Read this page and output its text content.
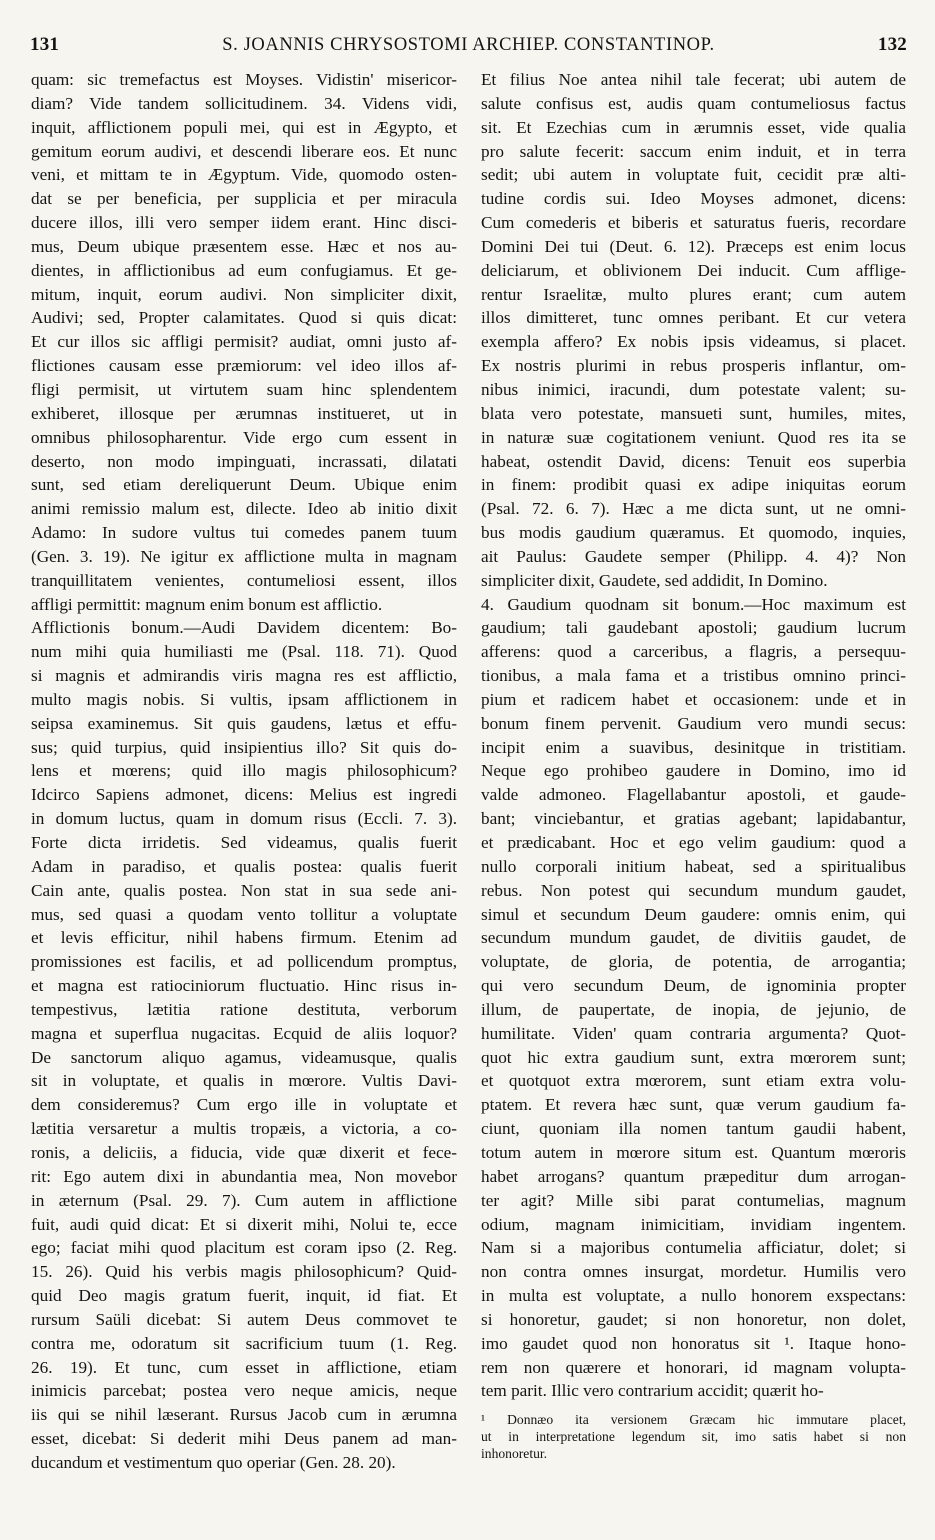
131	S. JOANNIS CHRYSOSTOMI ARCHIEP. CONSTANTINOP.	132

quam: sic tremefactus est Moyses. Vidistin' misericor-

diam? Vide tandem sollicitudinem. 34. Videns vidi,

inquit, afflictionem populi mei, qui est in Ægypto, et

gemitum eorum audivi, et descendi liberare eos. Et nunc

veni, et mittam te in Ægyptum. Vide, quomodo osten-

dat se per beneficia, per supplicia et per miracula

ducere illos, illi vero semper iidem erant. Hinc disci-

mus, Deum ubique præsentem esse. Hæc et nos au-

dientes, in afflictionibus ad eum confugiamus. Et ge-

mitum, inquit, eorum audivi. Non simpliciter dixit,

Audivi; sed, Propter calamitates. Quod si quis dicat:

Et cur illos sic affligi permisit? audiat, omni justo af-

flictiones causam esse præmiorum: vel ideo illos af-

fligi permisit, ut virtutem suam hinc splendentem

exhiberet, illosque per ærumnas institueret, ut in

omnibus philosopharentur. Vide ergo cum essent in

deserto, non modo impinguati, incrassati, dilatati

sunt, sed etiam dereliquerunt Deum. Ubique enim

animi remissio malum est, dilecte. Ideo ab initio dixit

Adamo: In sudore vultus tui comedes panem tuum

(Gen. 3. 19). Ne igitur ex afflictione multa in magnam

tranquillitatem venientes, contumeliosi essent, illos

affligi permittit: magnum enim bonum est afflictio.

Afflictionis bonum.—Audi Davidem dicentem: Bo-

num mihi quia humiliasti me (Psal. 118. 71). Quod

si magnis et admirandis viris magna res est afflictio,

multo magis nobis. Si vultis, ipsam afflictionem in

seipsa examinemus. Sit quis gaudens, lætus et effu-

sus; quid turpius, quid insipientius illo? Sit quis do-

lens et mœrens; quid illo magis philosophicum?

Idcirco Sapiens admonet, dicens: Melius est ingredi

in domum luctus, quam in domum risus (Eccli. 7. 3).

Forte dicta irridetis. Sed videamus, qualis fuerit

Adam in paradiso, et qualis postea: qualis fuerit

Cain ante, qualis postea. Non stat in sua sede ani-

mus, sed quasi a quodam vento tollitur a voluptate

et levis efficitur, nihil habens firmum. Etenim ad

promissiones est facilis, et ad pollicendum promptus,

et magna est ratiociniorum fluctuatio. Hinc risus in-

tempestivus, lætitia ratione destituta, verborum

magna et superflua nugacitas. Ecquid de aliis loquor?

De sanctorum aliquo agamus, videamusque, qualis

sit in voluptate, et qualis in mœrore. Vultis Davi-

dem consideremus? Cum ergo ille in voluptate et

lætitia versaretur a multis tropæis, a victoria, a co-

ronis, a deliciis, a fiducia, vide quæ dixerit et fece-

rit: Ego autem dixi in abundantia mea, Non movebor

in æternum (Psal. 29. 7). Cum autem in afflictione

fuit, audi quid dicat: Et si dixerit mihi, Nolui te, ecce

ego; faciat mihi quod placitum est coram ipso (2. Reg.

15. 26). Quid his verbis magis philosophicum? Quid-

quid Deo magis gratum fuerit, inquit, id fiat. Et

rursum Saüli dicebat: Si autem Deus commovet te

contra me, odoratum sit sacrificium tuum (1. Reg.

26. 19). Et tunc, cum esset in afflictione, etiam

inimicis parcebat; postea vero neque amicis, neque

iis qui se nihil læserant. Rursus Jacob cum in ærumna

esset, dicebat: Si dederit mihi Deus panem ad man-

ducandum et vestimentum quo operiar (Gen. 28. 20).

Et filius Noe antea nihil tale fecerat; ubi autem de

salute confisus est, audis quam contumeliosus factus

sit. Et Ezechias cum in ærumnis esset, vide qualia

pro salute fecerit: saccum enim induit, et in terra

sedit; ubi autem in voluptate fuit, cecidit præ alti-

tudine cordis sui. Ideo Moyses admonet, dicens:

Cum comederis et biberis et saturatus fueris, recordare

Domini Dei tui (Deut. 6. 12). Præceps est enim locus

deliciarum, et oblivionem Dei inducit. Cum afflige-

rentur Israelitæ, multo plures erant; cum autem

illos dimitteret, tunc omnes peribant. Et cur vetera

exempla affero? Ex nobis ipsis videamus, si placet.

Ex nostris plurimi in rebus prosperis inflantur, om-

nibus inimici, iracundi, dum potestate valent; su-

blata vero potestate, mansueti sunt, humiles, mites,

in naturæ suæ cogitationem veniunt. Quod res ita se

habeat, ostendit David, dicens: Tenuit eos superbia

in finem: prodibit quasi ex adipe iniquitas eorum

(Psal. 72. 6. 7). Hæc a me dicta sunt, ut ne omni-

bus modis gaudium quæramus. Et quomodo, inquies,

ait Paulus: Gaudete semper (Philipp. 4. 4)? Non

simpliciter dixit, Gaudete, sed addidit, In Domino.

4. Gaudium quodnam sit bonum.—Hoc maximum est

gaudium; tali gaudebant apostoli; gaudium lucrum

afferens: quod a carceribus, a flagris, a persequu-

tionibus, a mala fama et a tristibus omnino princi-

pium et radicem habet et occasionem: unde et in

bonum finem pervenit. Gaudium vero mundi secus:

incipit enim a suavibus, desinitque in tristitiam.

Neque ego prohibeo gaudere in Domino, imo id

valde admoneo. Flagellabantur apostoli, et gaude-

bant; vinciebantur, et gratias agebant; lapidabantur,

et prædicabant. Hoc et ego velim gaudium: quod a

nullo corporali initium habeat, sed a spiritualibus

rebus. Non potest qui secundum mundum gaudet,

simul et secundum Deum gaudere: omnis enim, qui

secundum mundum gaudet, de divitiis gaudet, de

voluptate, de gloria, de potentia, de arrogantia;

qui vero secundum Deum, de ignominia propter

illum, de paupertate, de inopia, de jejunio, de

humilitate. Viden' quam contraria argumenta? Quot-

quot hic extra gaudium sunt, extra mœrorem sunt;

et quotquot extra mœrorem, sunt etiam extra volu-

ptatem. Et revera hæc sunt, quæ verum gaudium fa-

ciunt, quoniam illa nomen tantum gaudii habent,

totum autem in mœrore situm est. Quantum mœroris

habet arrogans? quantum præpeditur dum arrogan-

ter agit? Mille sibi parat contumelias, magnum

odium, magnam inimicitiam, invidiam ingentem.

Nam si a majoribus contumelia afficiatur, dolet; si

non contra omnes insurgat, mordetur. Humilis vero

in multa est voluptate, a nullo honorem exspectans:

si honoretur, gaudet; si non honoretur, non dolet,

imo gaudet quod non honoratus sit ¹. Itaque hono-

rem non quærere et honorari, id magnam volupta-

tem parit. Illic vero contrarium accidit; quærit ho-

¹ Donnæo ita versionem Græcam hic immutare placet,

ut in interpretatione legendum sit, imo satis habet si non

inhonoretur.
